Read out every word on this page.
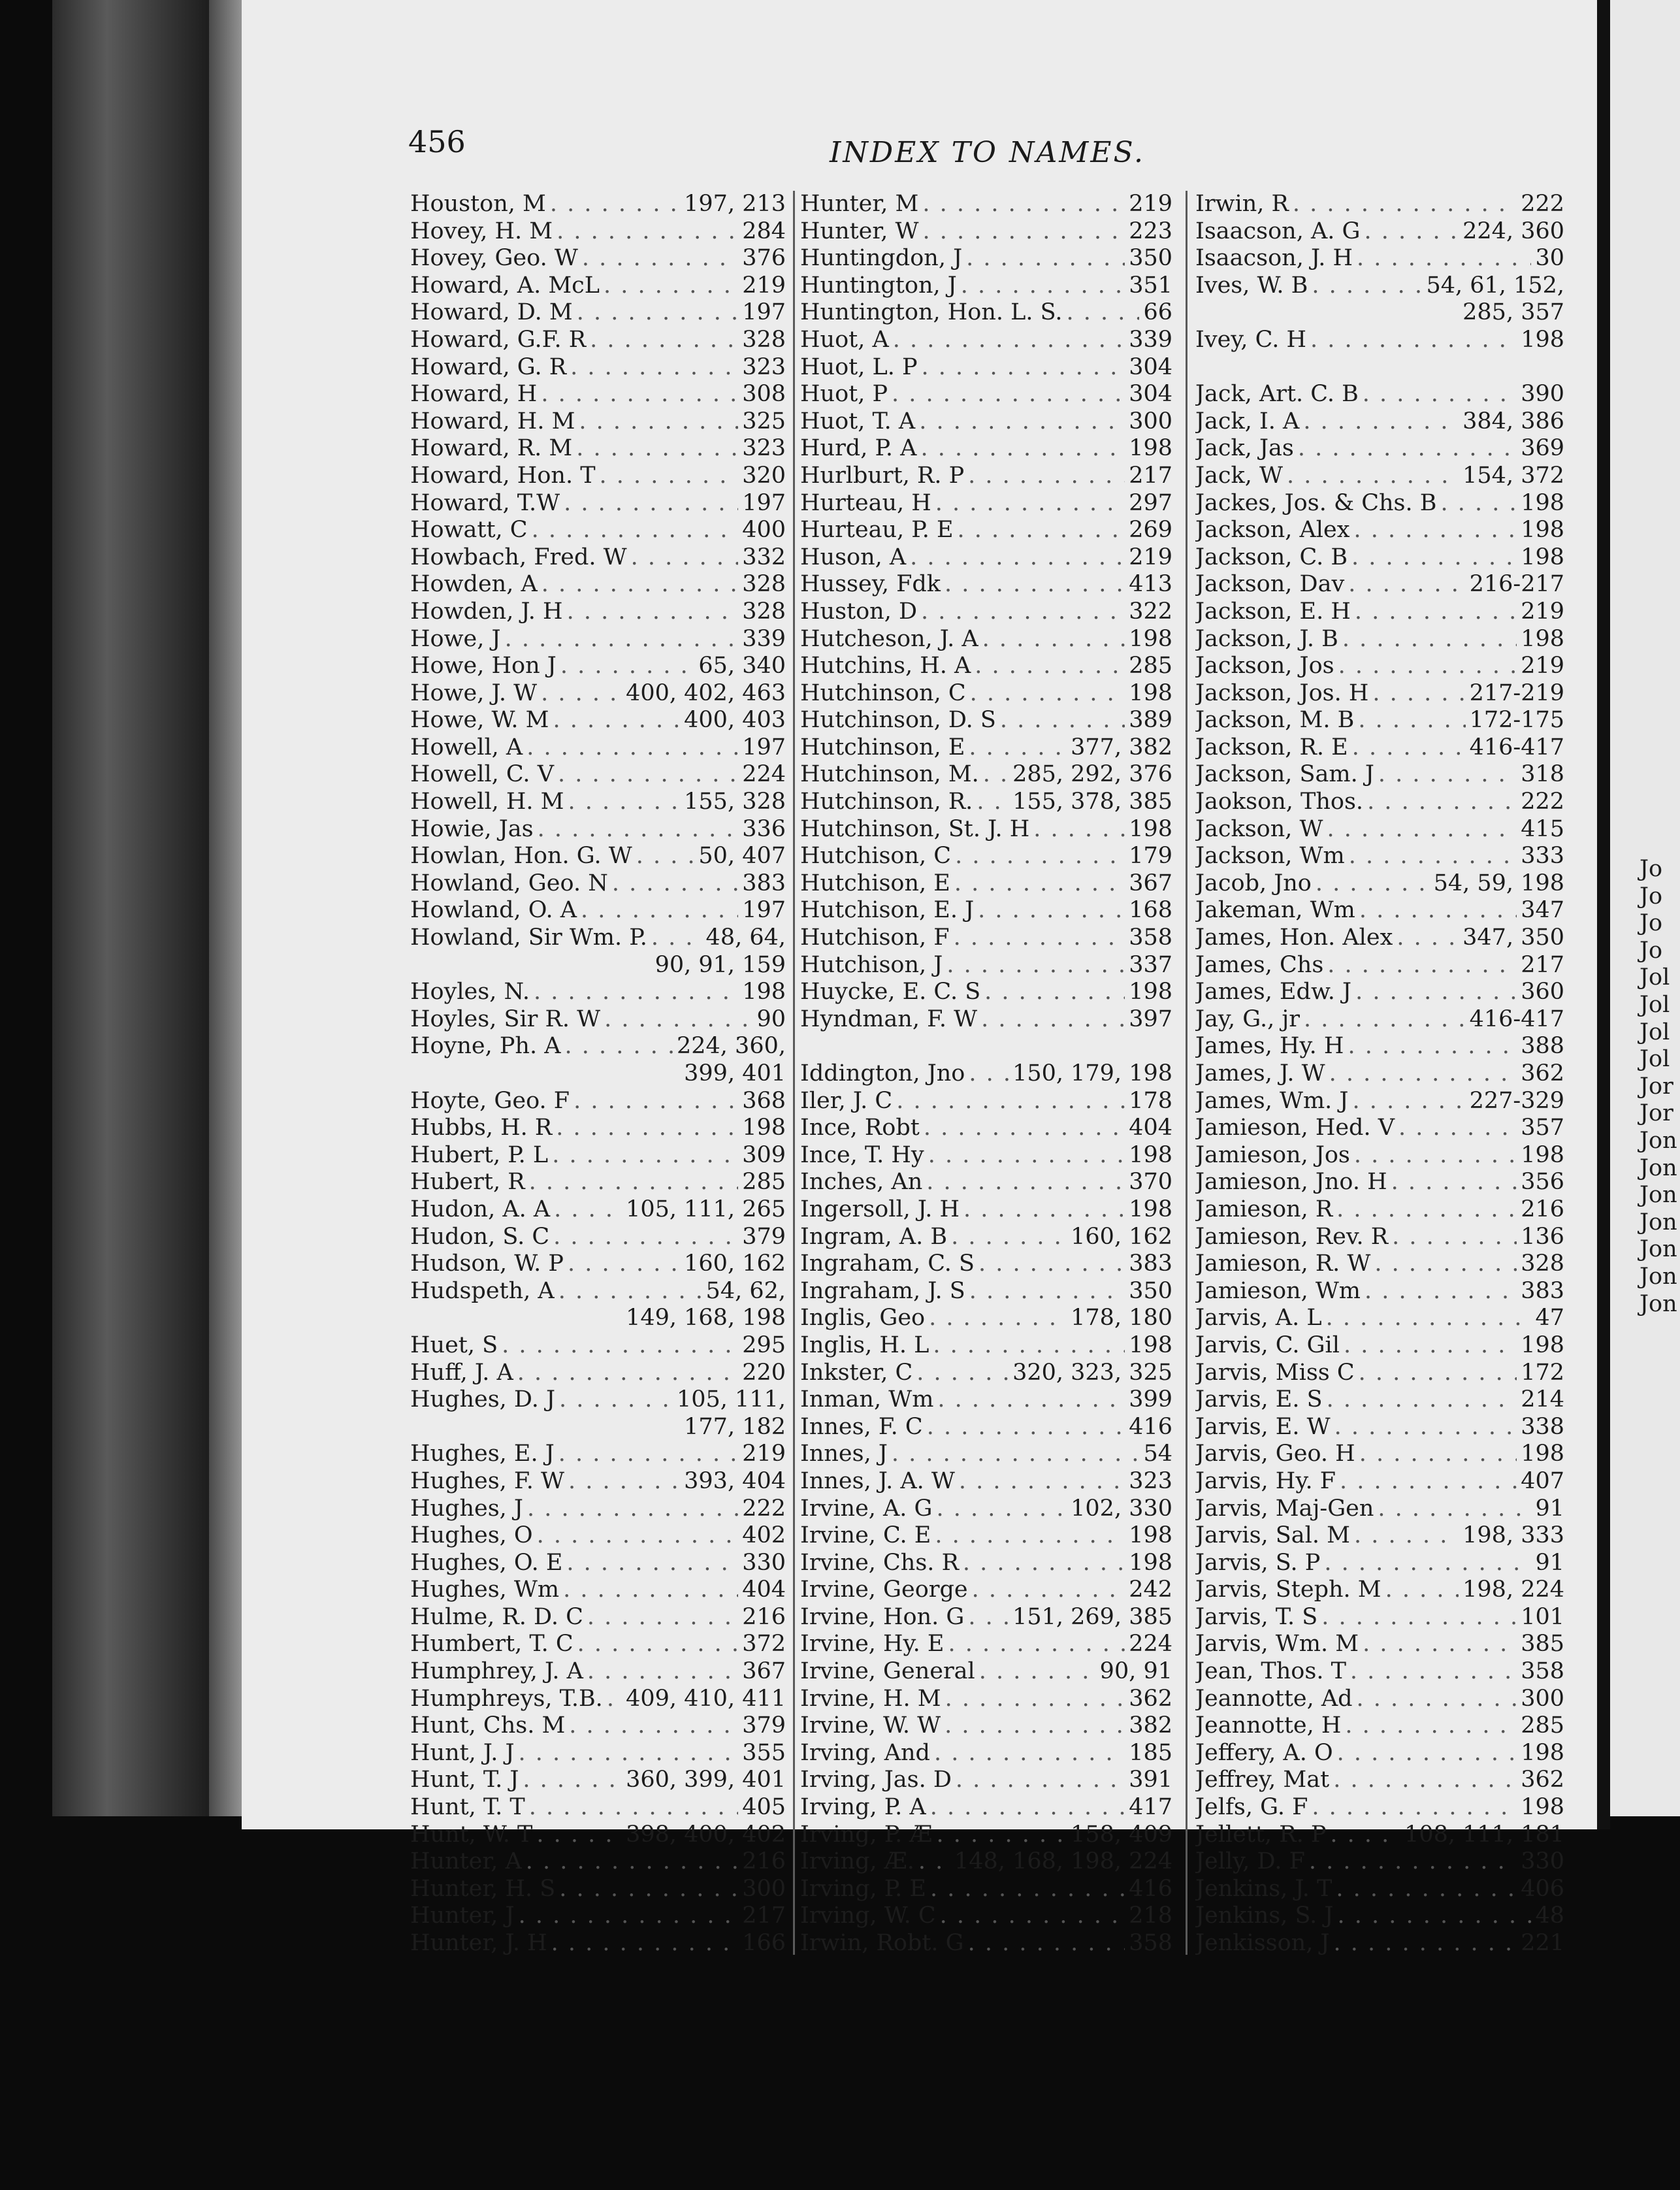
456	INDEX TO NAMES.
Houston, M . . .	197, 213
Hovey, H. M . . .	284
Hovey, Geo. W . . .	376
Howard, A. McL . . .	219
Howard, D. M . . .	197
Howard, G.F. R . . .	328
Howard, G. R . . .	323
Howard, H . . .	308
Howard, H. M . . .	325
Howard, R. M . . .	323
Howard, Hon. T . . .	320
Howard, T.W . . .	197
Howatt, C . . .	400
Howbach, Fred. W . . .	332
Howden, A . . .	328
Howden, J. H . . .	328
Howe, J . . .	339
Howe, Hon J . . .	65, 340
Howe, J. W . . .	400, 402, 463
Howe, W. M . . .	400, 403
Howell, A . . .	197
Howell, C. V . . .	224
Howell, H. M . . .	155, 328
Howie, Jas . . .	336
Howlan, Hon. G. W . . .	50, 407
Howland, Geo. N . . .	383
Howland, O. A . . .	197
Howland, Sir Wm. P. . . .	48, 64,
90, 91, 159
Hoyles, N. . . .	198
Hoyles, Sir R. W . . .	90
Hoyne, Ph. A . . .	224, 360,
399, 401
Hoyte, Geo. F . . .	368
Hubbs, H. R . . .	198
Hubert, P. L . . .	309
Hubert, R . . .	285
Hudon, A. A . . .	105, 111, 265
Hudon, S. C . . .	379
Hudson, W. P . . .	160, 162
Hudspeth, A . . .	54, 62,
149, 168, 198
Huet, S . . .	295
Huff, J. A . . .	220
Hughes, D. J . . .	105, 111,
177, 182
Hughes, E. J . . .	219
Hughes, F. W . . .	393, 404
Hughes, J . . .	222
Hughes, O . . .	402
Hughes, O. E . . .	330
Hughes, Wm . . .	404
Hulme, R. D. C . . .	216
Humbert, T. C . . .	372
Humphrey, J. A . . .	367
Humphreys, T.B. . . . 409, 410, 411
Hunt, Chs. M . . .	379
Hunt, J. J . . .	355
Hunt, T. J . . .	360, 399, 401
Hunt, T. T . . .	405
Hunt, W. T . . .	398, 400, 402
Hunter, A . . .	216
Hunter, H. S . . .	300
Hunter, J . . .	217
Hunter, J. H . . .	166
Hunter, M . . .	219
Hunter, W . . .	223
Huntingdon, J . . .	350
Huntington, J . . .	351
Huntington, Hon. L. S. . . .	66
Huot, A . . .	339
Huot, L. P . . .	304
Huot, P . . .	304
Huot, T. A . . .	300
Hurd, P. A . . .	198
Hurlburt, R. P . . .	217
Hurteau, H . . .	297
Hurteau, P. E . . .	269
Huson, A . . .	219
Hussey, Fdk . . .	413
Huston, D . . .	322
Hutcheson, J. A . . .	198
Hutchins, H. A . . .	285
Hutchinson, C . . .	198
Hutchinson, D. S . . .	389
Hutchinson, E . . .	377, 382
Hutchinson, M. . . . 285, 292, 376
Hutchinson, R. . . . 155, 378, 385
Hutchinson, St. J. H . . .	198
Hutchison, C . . .	179
Hutchison, E . . .	367
Hutchison, E. J . . .	168
Hutchison, F . . .	358
Hutchison, J . . .	337
Huycke, E. C. S . . .	198
Hyndman, F. W . . .	397
Iddington, Jno . . . 150, 179, 198
Iler, J. C . . .	178
Ince, Robt . . .	404
Ince, T. Hy . . .	198
Inches, An . . .	370
Ingersoll, J. H . . .	198
Ingram, A. B . . .	160, 162
Ingraham, C. S . . .	383
Ingraham, J. S . . .	350
Inglis, Geo . . .	178, 180
Inglis, H. L . . .	198
Inkster, C . . .	320, 323, 325
Inman, Wm . . .	399
Innes, F. C . . .	416
Innes, J . . .	54
Innes, J. A. W . . .	323
Irvine, A. G . . .	102, 330
Irvine, C. E . . .	198
Irvine, Chs. R . . .	198
Irvine, George . . .	242
Irvine, Hon. G . . . 151, 269, 385
Irvine, Hy. E . . .	224
Irvine, General . . .	90, 91
Irvine, H. M . . .	362
Irvine, W. W . . .	382
Irving, And . . .	185
Irving, Jas. D . . .	391
Irving, P. A . . .	417
Irving, P. Æ . . .	158, 409
Irving, Æ. . . . 148, 168, 198, 224
Irving, P. E . . .	416
Irving, W. C . . .	218
Irwin, Robt. G . . .	358
Irwin, R . . .	222
Isaacson, A. G . . .	224, 360
Isaacson, J. H . . .	30
Ives, W. B . . .	54, 61, 152,
285, 357
Ivey, C. H . . .	198
Jack, Art. C. B . . .	390
Jack, I. A . . .	384, 386
Jack, Jas . . .	369
Jack, W . . .	154, 372
Jackes, Jos. & Chs. B . . .	198
Jackson, Alex . . .	198
Jackson, C. B . . .	198
Jackson, Dav . . .	216-217
Jackson, E. H . . .	219
Jackson, J. B . . .	198
Jackson, Jos . . .	219
Jackson, Jos. H . . .	217-219
Jackson, M. B . . .	172-175
Jackson, R. E . . .	416-417
Jackson, Sam. J . . .	318
Jaokson, Thos. . . .	222
Jackson, W . . .	415
Jackson, Wm . . .	333
Jacob, Jno . . .	54, 59, 198
Jakeman, Wm . . .	347
James, Hon. Alex . . .	347, 350
James, Chs . . .	217
James, Edw. J . . .	360
Jay, G., jr . . .	416-417
James, Hy. H . . .	388
James, J. W . . .	362
James, Wm. J . . .	227-329
Jamieson, Hed. V . . .	357
Jamieson, Jos . . .	198
Jamieson, Jno. H . . .	356
Jamieson, R . . .	216
Jamieson, Rev. R . . .	136
Jamieson, R. W . . .	328
Jamieson, Wm . . .	383
Jarvis, A. L . . .	47
Jarvis, C. Gil . . .	198
Jarvis, Miss C . . .	172
Jarvis, E. S . . .	214
Jarvis, E. W . . .	338
Jarvis, Geo. H . . .	198
Jarvis, Hy. F . . .	407
Jarvis, Maj-Gen . . .	91
Jarvis, Sal. M . . .	198, 333
Jarvis, S. P . . .	91
Jarvis, Steph. M . . .	198, 224
Jarvis, T. S . . .	101
Jarvis, Wm. M . . .	385
Jean, Thos. T . . .	358
Jeannotte, Ad . . .	300
Jeannotte, H . . .	285
Jeffery, A. O . . .	198
Jeffrey, Mat . . .	362
Jelfs, G. F . . .	198
Jellett, R. P . . .	108, 111, 181
Jelly, D. F . . .	330
Jenkins, J. T . . .	406
Jenkins, S. J . . .	48
Jenkisson, J . . .	221
Jo
Jo
Jo
Jo
Jol
Jol
Jol
Jol
Jor
Jor
Jon
Jon
Jon
Jon
Jon
Jon
Jon
